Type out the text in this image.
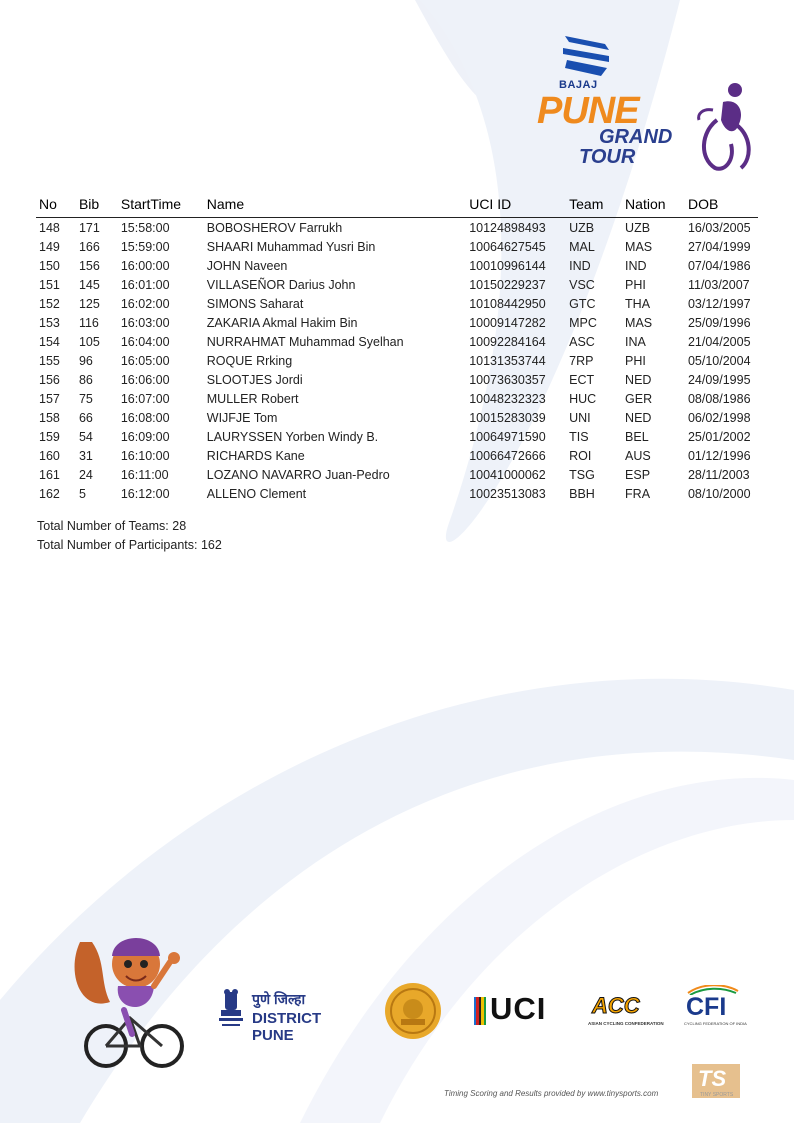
BAJAJ
PUNE
GRAND
TOUR
No	Bib	StartTime	Name	UCI ID	Team	Nation	DOB
148	171	15:58:00	BOBOSHEROV Farrukh	10124898493	UZB	UZB	16/03/2005
149	166	15:59:00	SHAARI Muhammad Yusri Bin	10064627545	MAL	MAS	27/04/1999
150	156	16:00:00	JOHN Naveen	10010996144	IND	IND	07/04/1986
151	145	16:01:00	VILLASEÑOR Darius John	10150229237	VSC	PHI	11/03/2007
152	125	16:02:00	SIMONS Saharat	10108442950	GTC	THA	03/12/1997
153	116	16:03:00	ZAKARIA Akmal Hakim Bin	10009147282	MPC	MAS	25/09/1996
154	105	16:04:00	NURRAHMAT Muhammad Syelhan	10092284164	ASC	INA	21/04/2005
155	96	16:05:00	ROQUE Rrking	10131353744	7RP	PHI	05/10/2004
156	86	16:06:00	SLOOTJES Jordi	10073630357	ECT	NED	24/09/1995
157	75	16:07:00	MULLER Robert	10048232323	HUC	GER	08/08/1986
158	66	16:08:00	WIJFJE Tom	10015283039	UNI	NED	06/02/1998
159	54	16:09:00	LAURYSSEN Yorben Windy B.	10064971590	TIS	BEL	25/01/2002
160	31	16:10:00	RICHARDS Kane	10066472666	ROI	AUS	01/12/1996
161	24	16:11:00	LOZANO NAVARRO Juan-Pedro	10041000062	TSG	ESP	28/11/2003
162	5	16:12:00	ALLENO Clement	10023513083	BBH	FRA	08/10/2000
Total Number of Teams: 28
Total Number of Participants: 162
पुणे जिल्हा
DISTRICT PUNE
UCI ACC
ASIAN CYCLING CONFEDERATION
CFI
CYCLING FEDERATION OF INDIA
Timing Scoring and Results provided by www.tinysports.com
TS
TINY SPORTS
